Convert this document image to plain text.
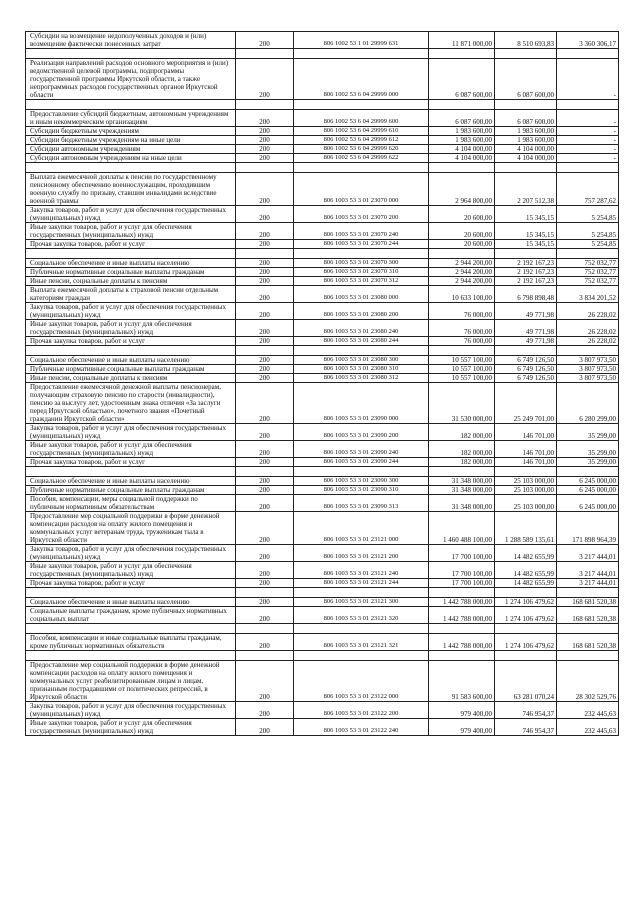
Субсидии на возмещение недополученных доходов и (или) возмещение фактически понесенных затрат	200	806 1002 53 1 01 29999 631	11 871 000,00	8 510 693,83	3 360 306,17

Реализация направлений расходов основного мероприятия и (или) ведомственной целевой программы, подпрограммы государственной программы Иркутской области, а также непрограммных расходов государственных органов Иркутской области	200	806 1002 53 6 04 29999 000	6 087 600,00	6 087 600,00	-

Предоставление субсидий бюджетным, автономным учреждениям и иным некоммерческим организациям	200	806 1002 53 6 04 29999 600	6 087 600,00	6 087 600,00	-
Субсидии бюджетным учреждениям	200	806 1002 53 6 04 29999 610	1 983 600,00	1 983 600,00	-
Субсидии бюджетным учреждениям на иные цели	200	806 1002 53 6 04 29999 612	1 983 600,00	1 983 600,00	-
Субсидии автономным учреждениям	200	806 1002 53 6 04 29999 620	4 104 000,00	4 104 000,00	-
Субсидии автономным учреждениям на иные цели	200	806 1002 53 6 04 29999 622	4 104 000,00	4 104 000,00	-

Выплата ежемесячной доплаты к пенсии по государственному пенсионному обеспечению военнослужащим, проходившим военную службу по призыву, ставшим инвалидами вследствие военной травмы	200	806 1003 53 3 01 23070 000	2 964 800,00	2 207 512,38	757 287,62
Закупка товаров, работ и услуг для обеспечения государственных (муниципальных) нужд	200	806 1003 53 3 01 23070 200	20 600,00	15 345,15	5 254,85
Иные закупки товаров, работ и услуг для обеспечения государственных (муниципальных) нужд	200	806 1003 53 3 01 23070 240	20 600,00	15 345,15	5 254,85
Прочая закупка товаров, работ и услуг	200	806 1003 53 3 01 23070 244	20 600,00	15 345,15	5 254,85

Социальное обеспечение и иные выплаты населению	200	806 1003 53 3 01 23070 300	2 944 200,00	2 192 167,23	752 032,77
Публичные нормативные социальные выплаты гражданам	200	806 1003 53 3 01 23070 310	2 944 200,00	2 192 167,23	752 032,77
Иные пенсии, социальные доплаты к пенсиям	200	806 1003 53 3 01 23070 312	2 944 200,00	2 192 167,23	752 032,77
Выплата ежемесячной доплаты к страховой пенсии отдельным категориям граждан	200	806 1003 53 3 01 23080 000	10 633 100,00	6 798 898,48	3 834 201,52
Закупка товаров, работ и услуг для обеспечения государственных (муниципальных) нужд	200	806 1003 53 3 01 23080 200	76 000,00	49 771,98	26 228,02
Иные закупки товаров, работ и услуг для обеспечения государственных (муниципальных) нужд	200	806 1003 53 3 01 23080 240	76 000,00	49 771,98	26 228,02
Прочая закупка товаров, работ и услуг	200	806 1003 53 3 01 23080 244	76 000,00	49 771,98	26 228,02

Социальное обеспечение и иные выплаты населению	200	806 1003 53 3 01 23080 300	10 557 100,00	6 749 126,50	3 807 973,50
Публичные нормативные социальные выплаты гражданам	200	806 1003 53 3 01 23080 310	10 557 100,00	6 749 126,50	3 807 973,50
Иные пенсии, социальные доплаты к пенсиям	200	806 1003 53 3 01 23080 312	10 557 100,00	6 749 126,50	3 807 973,50
Предоставление ежемесячной денежной выплаты пенсионерам, получающим страховую пенсию по старости (инвалидности), пенсию за выслугу лет, удостоенным знака отличия «За заслуги перед Иркутской областью», почетного звания «Почетный гражданин Иркутской области»	200	806 1003 53 3 01 23090 000	31 530 000,00	25 249 701,00	6 280 299,00
Закупка товаров, работ и услуг для обеспечения государственных (муниципальных) нужд	200	806 1003 53 3 01 23090 200	182 000,00	146 701,00	35 299,00
Иные закупки товаров, работ и услуг для обеспечения государственных (муниципальных) нужд	200	806 1003 53 3 01 23090 240	182 000,00	146 701,00	35 299,00
Прочая закупка товаров, работ и услуг	200	806 1003 53 3 01 23090 244	182 000,00	146 701,00	35 299,00

Социальное обеспечение и иные выплаты населению	200	806 1003 53 3 01 23090 300	31 348 000,00	25 103 000,00	6 245 000,00
Публичные нормативные социальные выплаты гражданам	200	806 1003 53 3 01 23090 310	31 348 000,00	25 103 000,00	6 245 000,00
Пособия, компенсации, меры социальной поддержки по публичным нормативным обязательствам	200	806 1003 53 3 01 23090 313	31 348 000,00	25 103 000,00	6 245 000,00
Предоставление мер социальной поддержки в форме денежной компенсации расходов на оплату жилого помещения и коммунальных услуг ветеранам труда, труженикам тыла в Иркутской области	200	806 1003 53 3 01 23121 000	1 460 488 100,00	1 288 589 135,61	171 898 964,39
Закупка товаров, работ и услуг для обеспечения государственных (муниципальных) нужд	200	806 1003 53 3 01 23121 200	17 700 100,00	14 482 655,99	3 217 444,01
Иные закупки товаров, работ и услуг для обеспечения государственных (муниципальных) нужд	200	806 1003 53 3 01 23121 240	17 700 100,00	14 482 655,99	3 217 444,01
Прочая закупка товаров, работ и услуг	200	806 1003 53 3 01 23121 244	17 700 100,00	14 482 655,99	3 217 444,01

Социальное обеспечение и иные выплаты населению	200	806 1003 53 3 01 23121 300	1 442 788 000,00	1 274 106 479,62	168 681 520,38
Социальные выплаты гражданам, кроме публичных нормативных социальных выплат	200	806 1003 53 3 01 23121 320	1 442 788 000,00	1 274 106 479,62	168 681 520,38

Пособия, компенсации и иные социальные выплаты гражданам, кроме публичных нормативных обязательств	200	806 1003 53 3 01 23121 321	1 442 788 000,00	1 274 106 479,62	168 681 520,38

Предоставление мер социальной поддержки в форме денежной компенсации расходов на оплату жилого помещения и коммунальных услуг реабилитированным лицам и лицам, признанным пострадавшими от политических репрессий, в Иркутской области	200	806 1003 53 3 01 23122 000	91 583 600,00	63 281 070,24	28 302 529,76
Закупка товаров, работ и услуг для обеспечения государственных (муниципальных) нужд	200	806 1003 53 3 01 23122 200	979 400,00	746 954,37	232 445,63
Иные закупки товаров, работ и услуг для обеспечения государственных (муниципальных) нужд	200	806 1003 53 3 01 23122 240	979 400,00	746 954,37	232 445,63
